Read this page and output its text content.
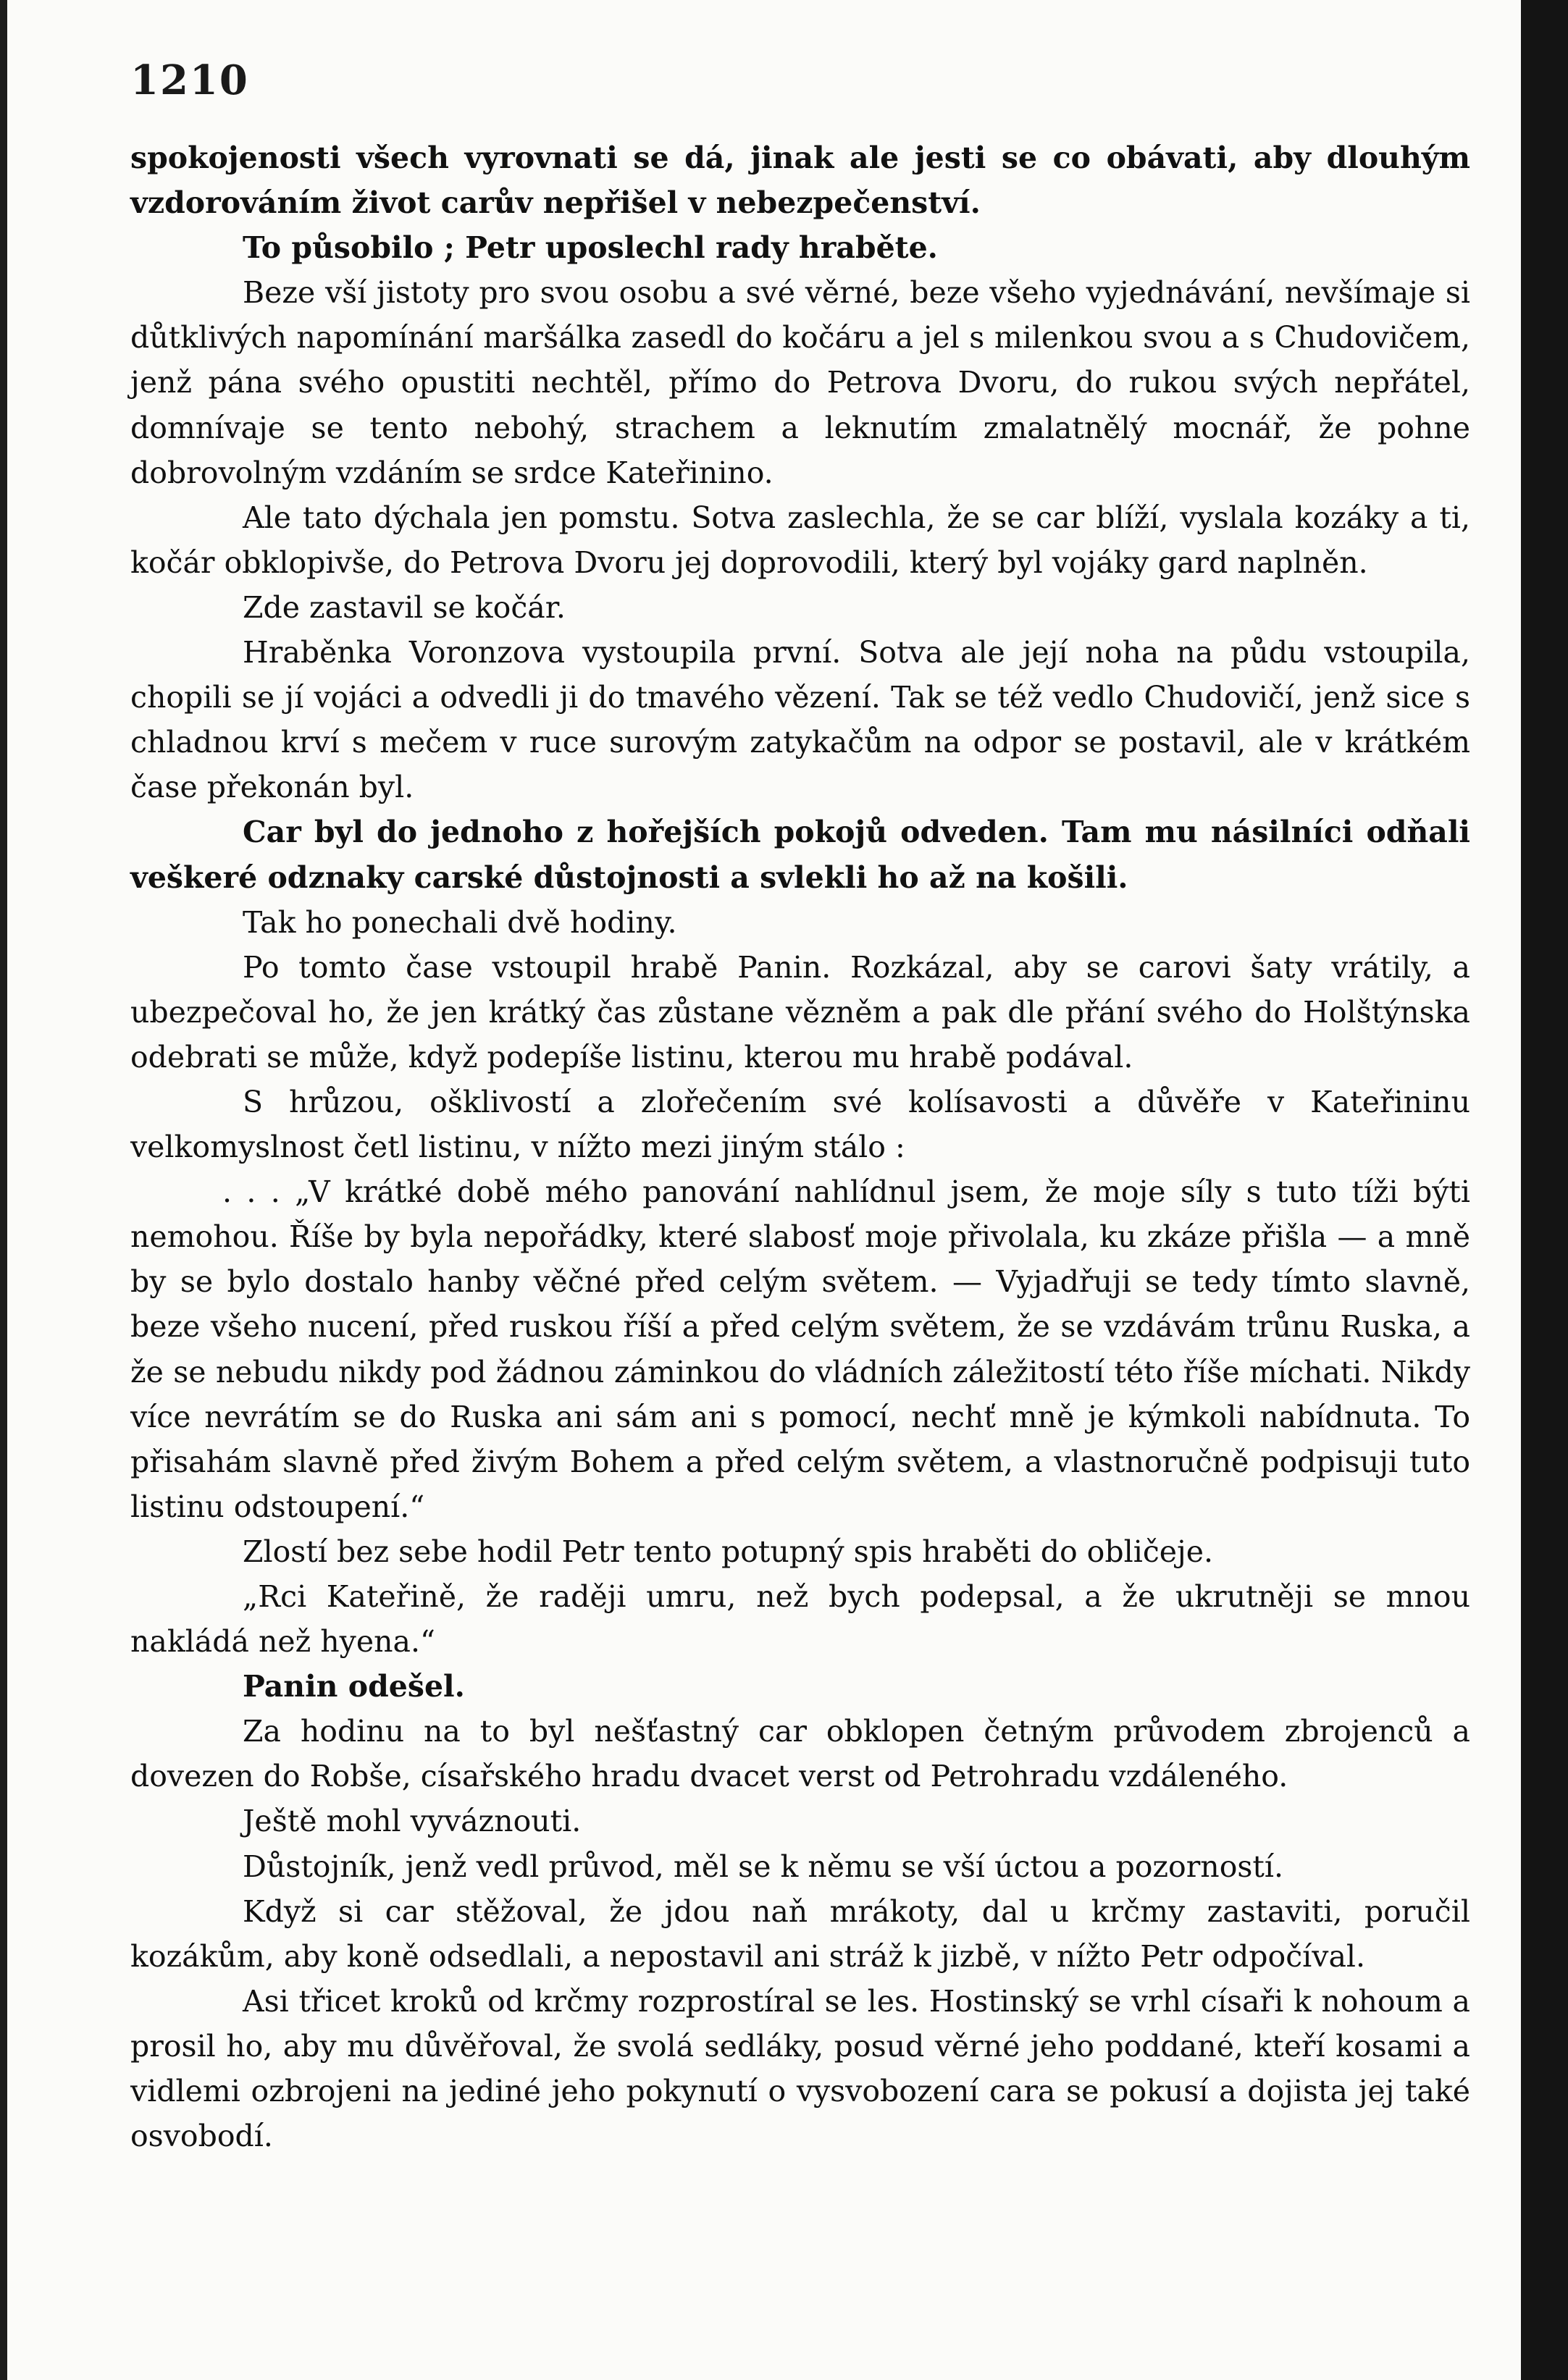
1210

spokojenosti všech vyrovnati se dá, jinak ale jesti se co obávati, aby dlouhým vzdorováním život carův nepřišel v nebezpečenství.

To působilo ; Petr uposlechl rady hraběte.

Beze vší jistoty pro svou osobu a své věrné, beze všeho vyjednávání, nevšímaje si důtklivých napomínání maršálka zasedl do kočáru a jel s milenkou svou a s Chudovičem, jenž pána svého opustiti nechtěl, přímo do Petrova Dvoru, do rukou svých nepřátel, domnívaje se tento nebohý, strachem a leknutím zmalatnělý mocnář, že pohne dobrovolným vzdáním se srdce Kateřinino.

Ale tato dýchala jen pomstu. Sotva zaslechla, že se car blíží, vyslala kozáky a ti, kočár obklopivše, do Petrova Dvoru jej doprovodili, který byl vojáky gard naplněn.

Zde zastavil se kočár.

Hraběnka Voronzova vystoupila první. Sotva ale její noha na půdu vstoupila, chopili se jí vojáci a odvedli ji do tmavého vězení. Tak se též vedlo Chudovičí, jenž sice s chladnou krví s mečem v ruce surovým zatykačům na odpor se postavil, ale v krátkém čase překonán byl.

Car byl do jednoho z hořejších pokojů odveden. Tam mu násilníci odňali veškeré odznaky carské důstojnosti a svlekli ho až na košili.

Tak ho ponechali dvě hodiny.

Po tomto čase vstoupil hrabě Panin. Rozkázal, aby se carovi šaty vrátily, a ubezpečoval ho, že jen krátký čas zůstane vězněm a pak dle přání svého do Holštýnska odebrati se může, když podepíše listinu, kterou mu hrabě podával.

S hrůzou, ošklivostí a zlořečením své kolísavosti a důvěře v Kateřininu velkomyslnost četl listinu, v nížto mezi jiným stálo :

. . . „V krátké době mého panování nahlídnul jsem, že moje síly s tuto tíži býti nemohou. Říše by byla nepořádky, které slabosť moje přivolala, ku zkáze přišla — a mně by se bylo dostalo hanby věčné před celým světem. — Vyjadřuji se tedy tímto slavně, beze všeho nucení, před ruskou říší a před celým světem, že se vzdávám trůnu Ruska, a že se nebudu nikdy pod žádnou záminkou do vládních záležitostí této říše míchati. Nikdy více nevrátím se do Ruska ani sám ani s pomocí, nechť mně je kýmkoli nabídnuta. To přisahám slavně před živým Bohem a před celým světem, a vlastnoručně podpisuji tuto listinu odstoupení.“

Zlostí bez sebe hodil Petr tento potupný spis hraběti do obličeje.

„Rci Kateřině, že raději umru, než bych podepsal, a že ukrutněji se mnou nakládá než hyena.“

Panin odešel.

Za hodinu na to byl nešťastný car obklopen četným průvodem zbrojenců a dovezen do Robše, císařského hradu dvacet verst od Petrohradu vzdáleného.

Ještě mohl vyváznouti.

Důstojník, jenž vedl průvod, měl se k němu se vší úctou a pozorností.

Když si car stěžoval, že jdou naň mrákoty, dal u krčmy zastaviti, poručil kozákům, aby koně odsedlali, a nepostavil ani stráž k jizbě, v nížto Petr odpočíval.

Asi třicet kroků od krčmy rozprostíral se les. Hostinský se vrhl císaři k nohoum a prosil ho, aby mu důvěřoval, že svolá sedláky, posud věrné jeho poddané, kteří kosami a vidlemi ozbrojeni na jediné jeho pokynutí o vysvobození cara se pokusí a dojista jej také osvobodí.
